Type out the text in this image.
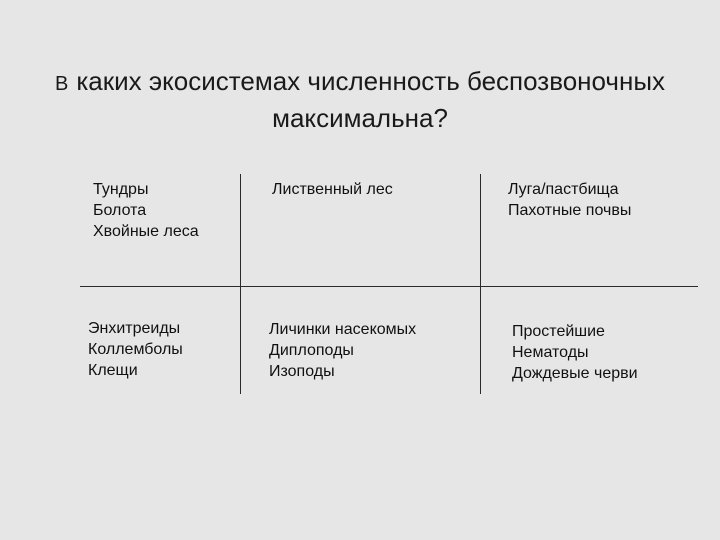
В каких экосистемах численность беспозвоночных
максимальна?
Тундры
Болота
Хвойные леса
Лиственный лес	Луга/пастбища
Пахотные почвы
Энхитреиды
Коллемболы
Клещи
Личинки насекомых
Диплоподы
Изоподы
Простейшие
Нематоды
Дождевые черви
